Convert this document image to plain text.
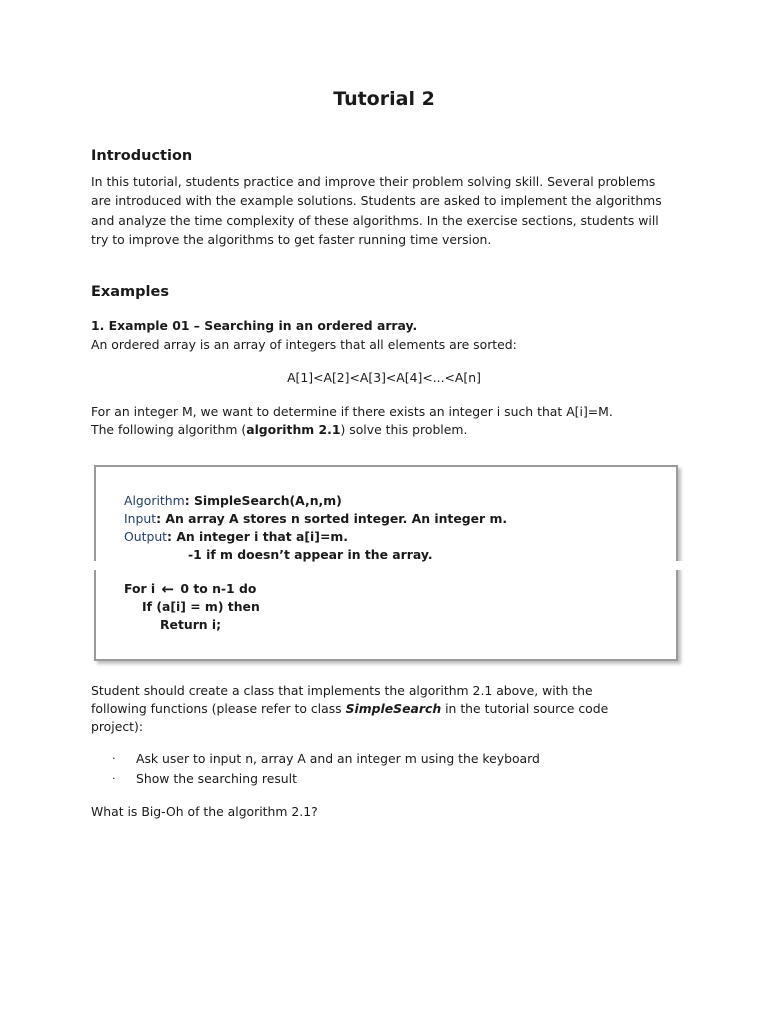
Tutorial 2
Introduction

In this tutorial, students practice and improve their problem solving skill. Several problems
are introduced with the example solutions. Students are asked to implement the algorithms
and analyze the time complexity of these algorithms. In the exercise sections, students will
try to improve the algorithms to get faster running time version.

Examples

1. Example 01 – Searching in an ordered array.
An ordered array is an array of integers that all elements are sorted:

A[1]<A[2]<A[3]<A[4]<...<A[n]

For an integer M, we want to determine if there exists an integer i such that A[i]=M.
The following algorithm (algorithm 2.1) solve this problem.

Algorithm: SimpleSearch(A,n,m)

Input: An array A stores n sorted integer. An integer m.

Output: An integer i that a[i]=m.

-1 if m doesn’t appear in the array.

For i ← 0 to n-1 do

If (a[i] = m) then

Return i;

Student should create a class that implements the algorithm 2.1 above, with the
following functions (please refer to class SimpleSearch in the tutorial source code
project):

· Ask user to input n, array A and an integer m using the keyboard
· Show the searching result

What is Big-Oh of the algorithm 2.1?
